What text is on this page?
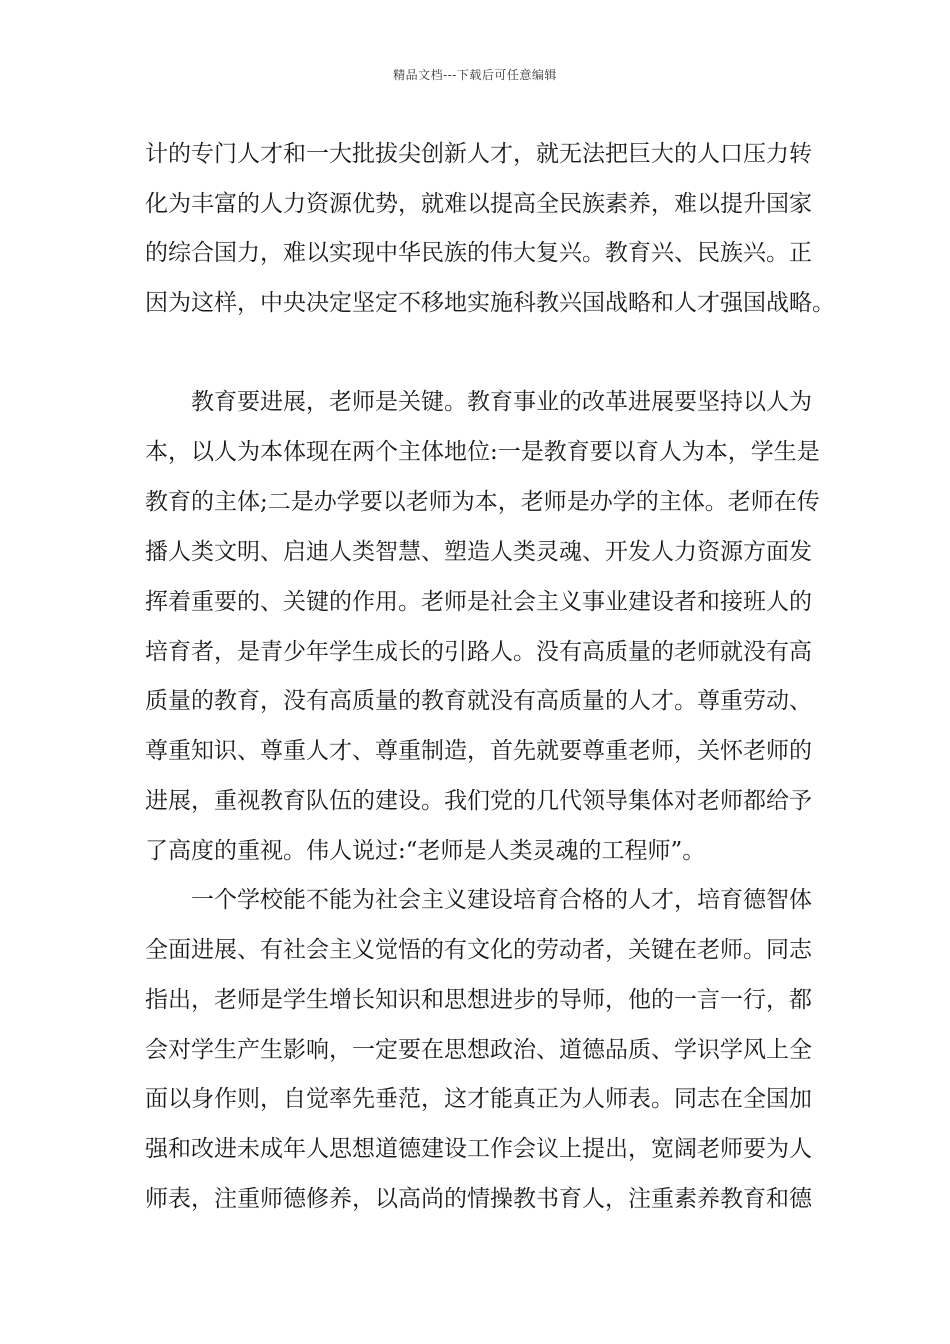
精品文档---下载后可任意编辑
计的专门人才和一大批拔尖创新人才，就无法把巨大的人口压力转
化为丰富的人力资源优势，就难以提高全民族素养，难以提升国家
的综合国力，难以实现中华民族的伟大复兴。教育兴、民族兴。正
因为这样，中央决定坚定不移地实施科教兴国战略和人才强国战略。
教育要进展，老师是关键。教育事业的改革进展要坚持以人为
本，以人为本体现在两个主体地位:一是教育要以育人为本，学生是
教育的主体;二是办学要以老师为本，老师是办学的主体。老师在传
播人类文明、启迪人类智慧、塑造人类灵魂、开发人力资源方面发
挥着重要的、关键的作用。老师是社会主义事业建设者和接班人的
培育者，是青少年学生成长的引路人。没有高质量的老师就没有高
质量的教育，没有高质量的教育就没有高质量的人才。尊重劳动、
尊重知识、尊重人才、尊重制造，首先就要尊重老师，关怀老师的
进展，重视教育队伍的建设。我们党的几代领导集体对老师都给予
了高度的重视。伟人说过:“老师是人类灵魂的工程师”。
一个学校能不能为社会主义建设培育合格的人才，培育德智体
全面进展、有社会主义觉悟的有文化的劳动者，关键在老师。同志
指出，老师是学生增长知识和思想进步的导师，他的一言一行，都
会对学生产生影响，一定要在思想政治、道德品质、学识学风上全
面以身作则，自觉率先垂范，这才能真正为人师表。同志在全国加
强和改进未成年人思想道德建设工作会议上提出，宽阔老师要为人
师表，注重师德修养，以高尚的情操教书育人，注重素养教育和德
